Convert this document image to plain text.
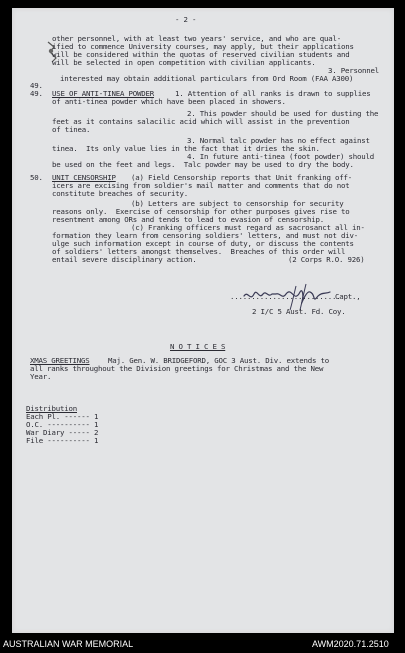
- 2 -
other personnel, with at least two years' service, and who are qual-
ified to commence University courses, may apply, but their applications
will be considered within the quotas of reserved civilian students and
will be selected in open competition with civilian applicants.
3. Personnel
interested may obtain additional particulars from Ord Room (FAA A300)
49.
49. USE OF ANTI-TINEA POWDER	1. Attention of all ranks is drawn to supplies
of anti-tinea powder which have been placed in showers.
2. This powder should be used for dusting the
feet as it contains salacilic acid which will assist in the prevention
of tinea.
3. Normal talc powder has no effect against
tinea.  Its only value lies in the fact that it dries the skin.
4. In future anti-tinea (foot powder) should
be used on the feet and legs.  Talc powder may be used to dry the body.
50. UNIT CENSORSHIP (a) Field Censorship reports that Unit franking off-
icers are excising from soldier's mail matter and comments that do not
constitute breaches of security.
(b) Letters are subject to censorship for security
reasons only.  Exercise of censorship for other purposes gives rise to
resentment among ORs and tends to lead to evasion of censorship.
(c) Franking officers must regard as sacrosanct all in-
formation they learn from censoring soldiers' letters, and must not div-
ulge such information except in course of duty, or discuss the contents
of soldiers' letters amongst themselves.  Breaches of this order will
entail severe disciplinary action.	(2 Corps R.O. 926)
..........................
Capt.,
2 I/C 5 Aust. Fd. Coy.
N O T I C E S
XMAS GREETINGS	Maj. Gen. W. BRIDGEFORD, GOC 3 Aust. Div. extends to
all ranks throughout the Division greetings for Christmas and the New
Year.
Distribution
Each Pl. ------ 1
O.C. ---------- 1
War Diary ----- 2
File ---------- 1
AUSTRALIAN WAR MEMORIAL	AWM2020.71.2510
